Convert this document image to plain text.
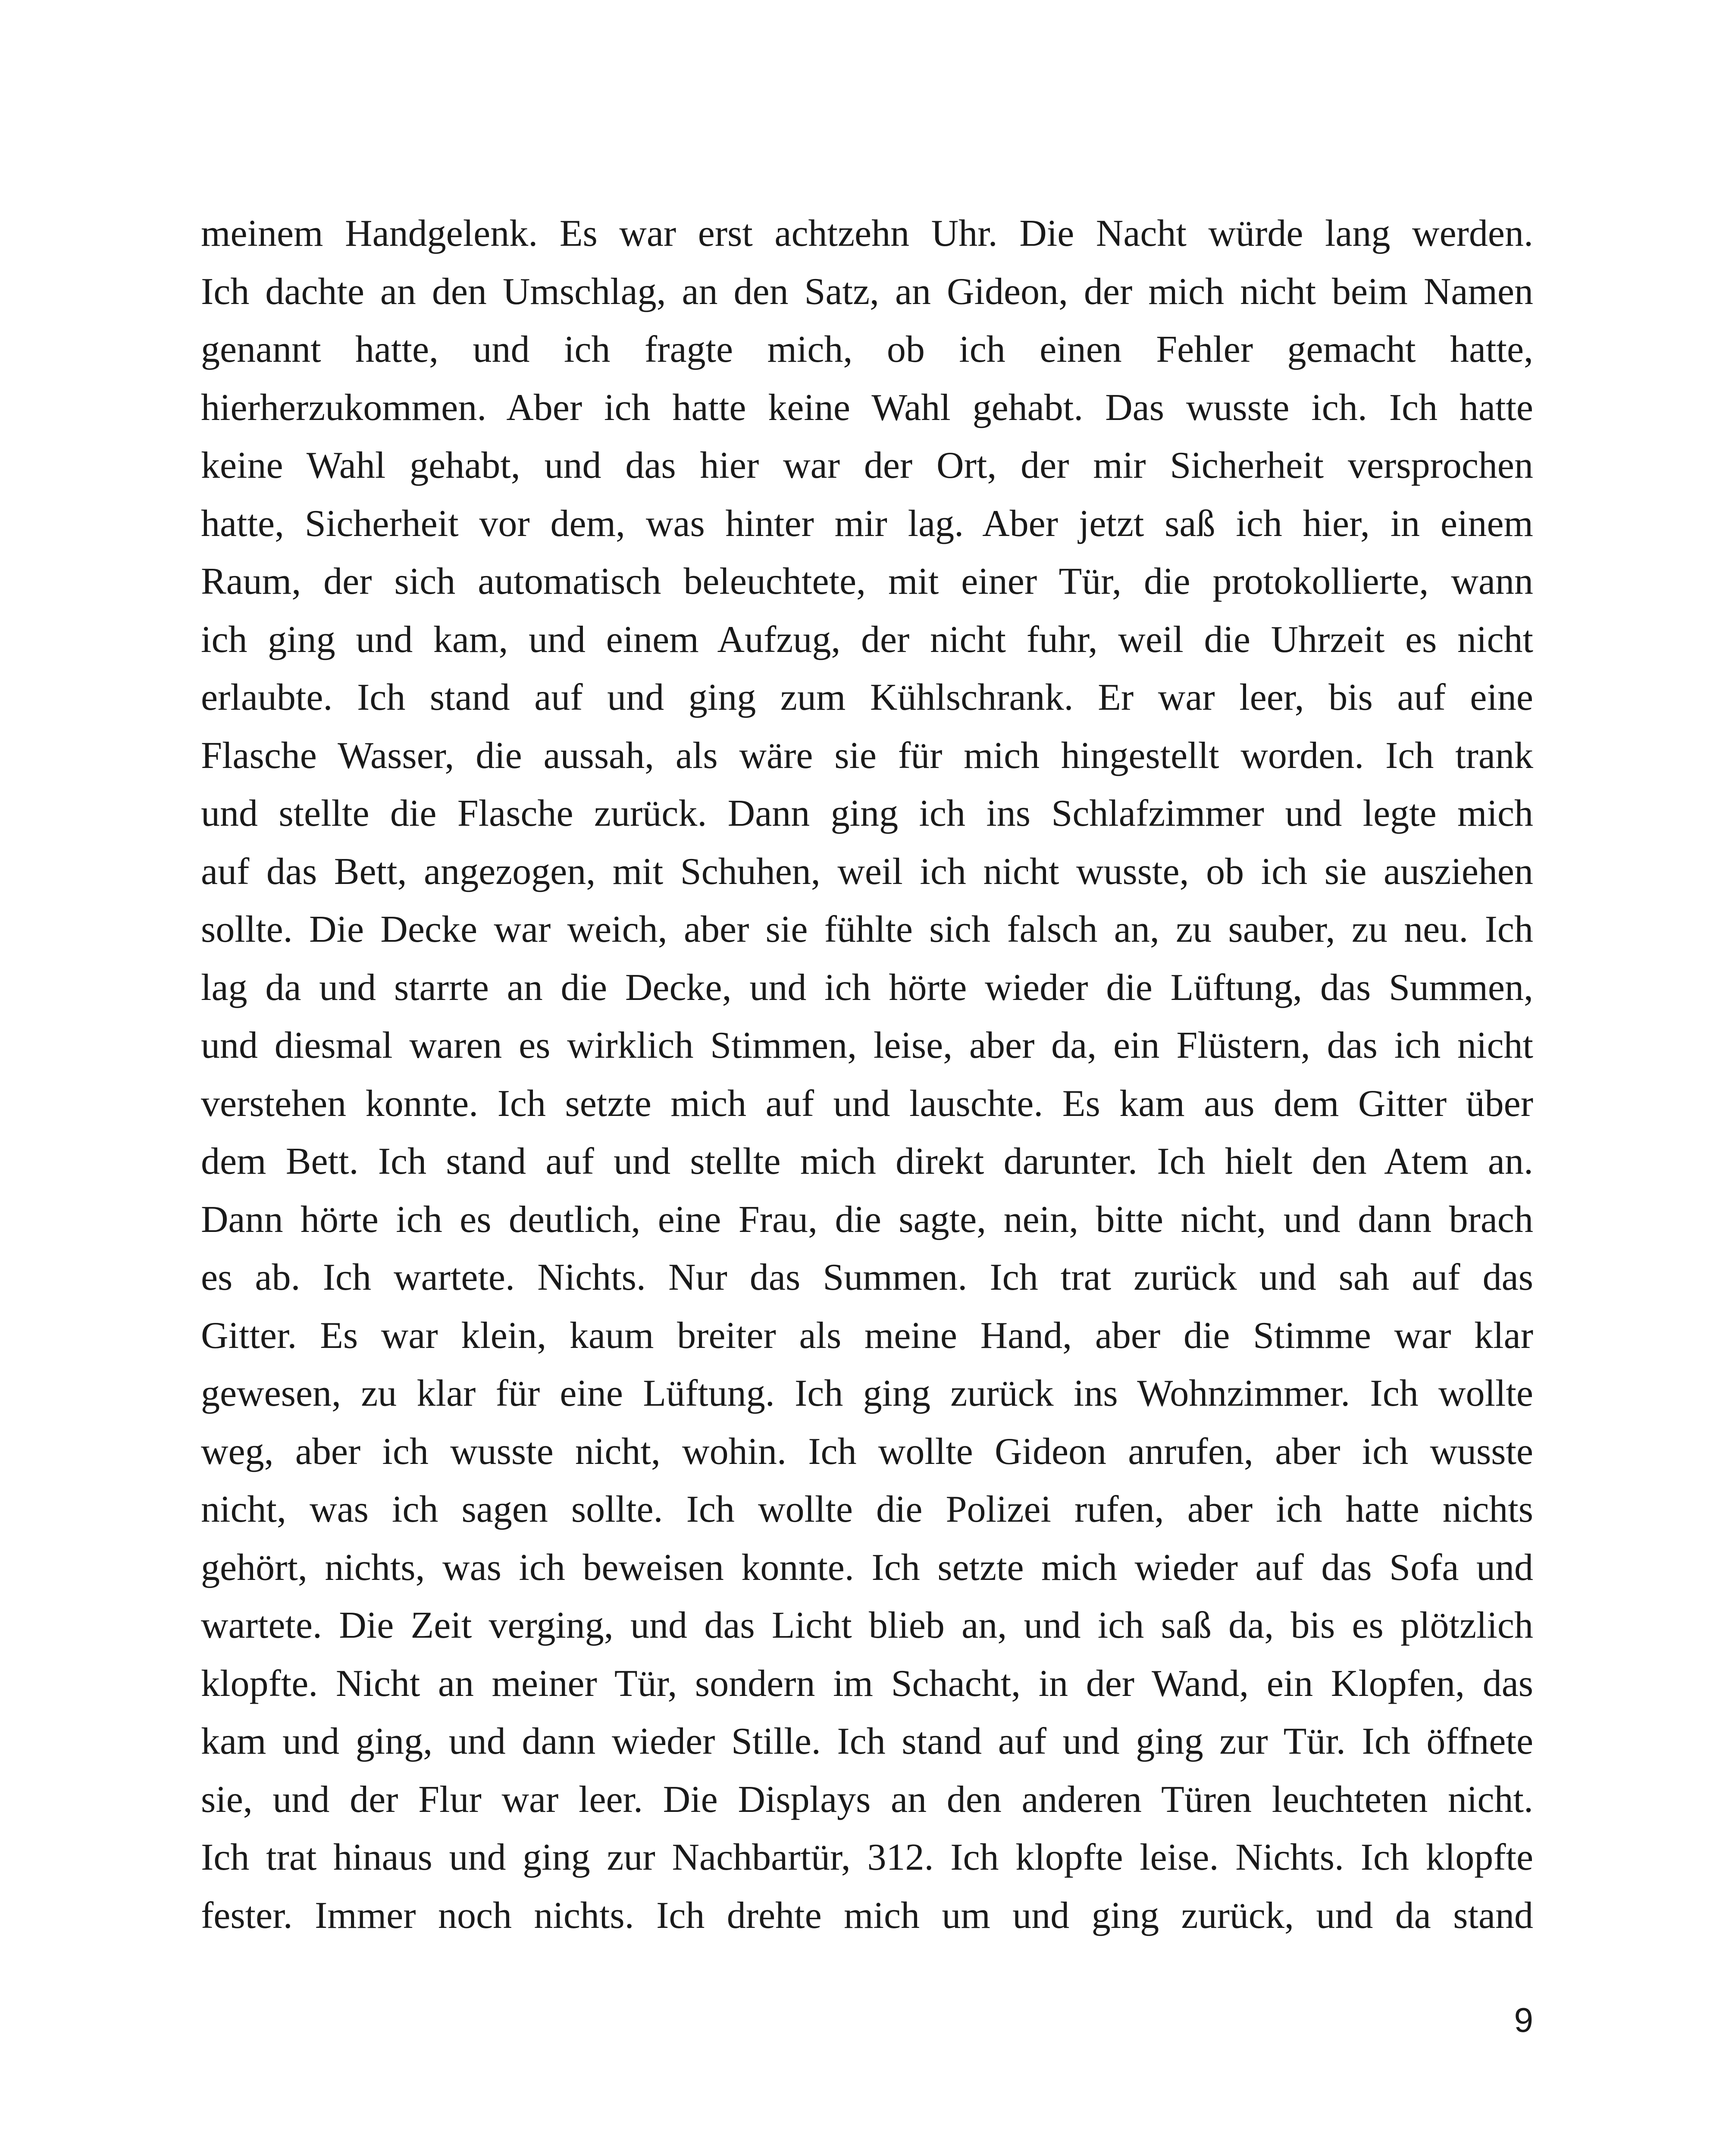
meinem Handgelenk. Es war erst achtzehn Uhr. Die Nacht würde lang werden.
Ich dachte an den Umschlag, an den Satz, an Gideon, der mich nicht beim Namen
genannt hatte, und ich fragte mich, ob ich einen Fehler gemacht hatte,
hierherzukommen. Aber ich hatte keine Wahl gehabt. Das wusste ich. Ich hatte
keine Wahl gehabt, und das hier war der Ort, der mir Sicherheit versprochen
hatte, Sicherheit vor dem, was hinter mir lag. Aber jetzt saß ich hier, in einem
Raum, der sich automatisch beleuchtete, mit einer Tür, die protokollierte, wann
ich ging und kam, und einem Aufzug, der nicht fuhr, weil die Uhrzeit es nicht
erlaubte. Ich stand auf und ging zum Kühlschrank. Er war leer, bis auf eine
Flasche Wasser, die aussah, als wäre sie für mich hingestellt worden. Ich trank
und stellte die Flasche zurück. Dann ging ich ins Schlafzimmer und legte mich
auf das Bett, angezogen, mit Schuhen, weil ich nicht wusste, ob ich sie ausziehen
sollte. Die Decke war weich, aber sie fühlte sich falsch an, zu sauber, zu neu. Ich
lag da und starrte an die Decke, und ich hörte wieder die Lüftung, das Summen,
und diesmal waren es wirklich Stimmen, leise, aber da, ein Flüstern, das ich nicht
verstehen konnte. Ich setzte mich auf und lauschte. Es kam aus dem Gitter über
dem Bett. Ich stand auf und stellte mich direkt darunter. Ich hielt den Atem an.
Dann hörte ich es deutlich, eine Frau, die sagte, nein, bitte nicht, und dann brach
es ab. Ich wartete. Nichts. Nur das Summen. Ich trat zurück und sah auf das
Gitter. Es war klein, kaum breiter als meine Hand, aber die Stimme war klar
gewesen, zu klar für eine Lüftung. Ich ging zurück ins Wohnzimmer. Ich wollte
weg, aber ich wusste nicht, wohin. Ich wollte Gideon anrufen, aber ich wusste
nicht, was ich sagen sollte. Ich wollte die Polizei rufen, aber ich hatte nichts
gehört, nichts, was ich beweisen konnte. Ich setzte mich wieder auf das Sofa und
wartete. Die Zeit verging, und das Licht blieb an, und ich saß da, bis es plötzlich
klopfte. Nicht an meiner Tür, sondern im Schacht, in der Wand, ein Klopfen, das
kam und ging, und dann wieder Stille. Ich stand auf und ging zur Tür. Ich öffnete
sie, und der Flur war leer. Die Displays an den anderen Türen leuchteten nicht.
Ich trat hinaus und ging zur Nachbartür, 312. Ich klopfte leise. Nichts. Ich klopfte
fester. Immer noch nichts. Ich drehte mich um und ging zurück, und da stand
9
